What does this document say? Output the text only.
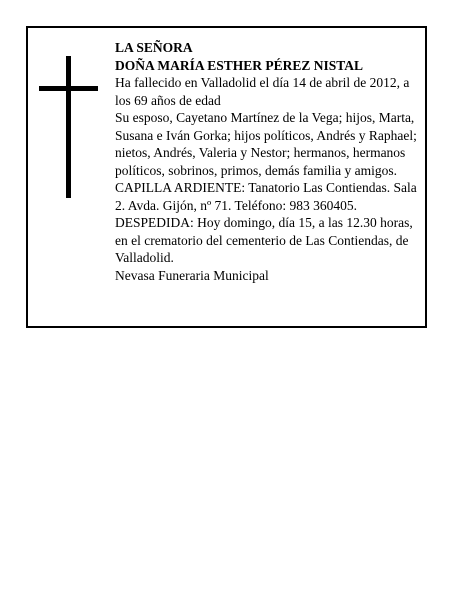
LA SEÑORA

DOÑA MARÍA ESTHER PÉREZ NISTAL

Ha fallecido en Valladolid el día 14 de abril de 2012, a los 69 años de edad

Su esposo, Cayetano Martínez de la Vega; hijos, Marta, Susana e Iván Gorka; hijos políticos, Andrés y Raphael; nietos, Andrés, Valeria y Nestor; hermanos, hermanos políticos, sobrinos, primos, demás familia y amigos.

CAPILLA ARDIENTE: Tanatorio Las Contiendas. Sala 2. Avda. Gijón, nº 71. Teléfono: 983 360405.

DESPEDIDA: Hoy domingo, día 15, a las 12.30 horas, en el crematorio del cementerio de Las Contiendas, de Valladolid.

Nevasa Funeraria Municipal
